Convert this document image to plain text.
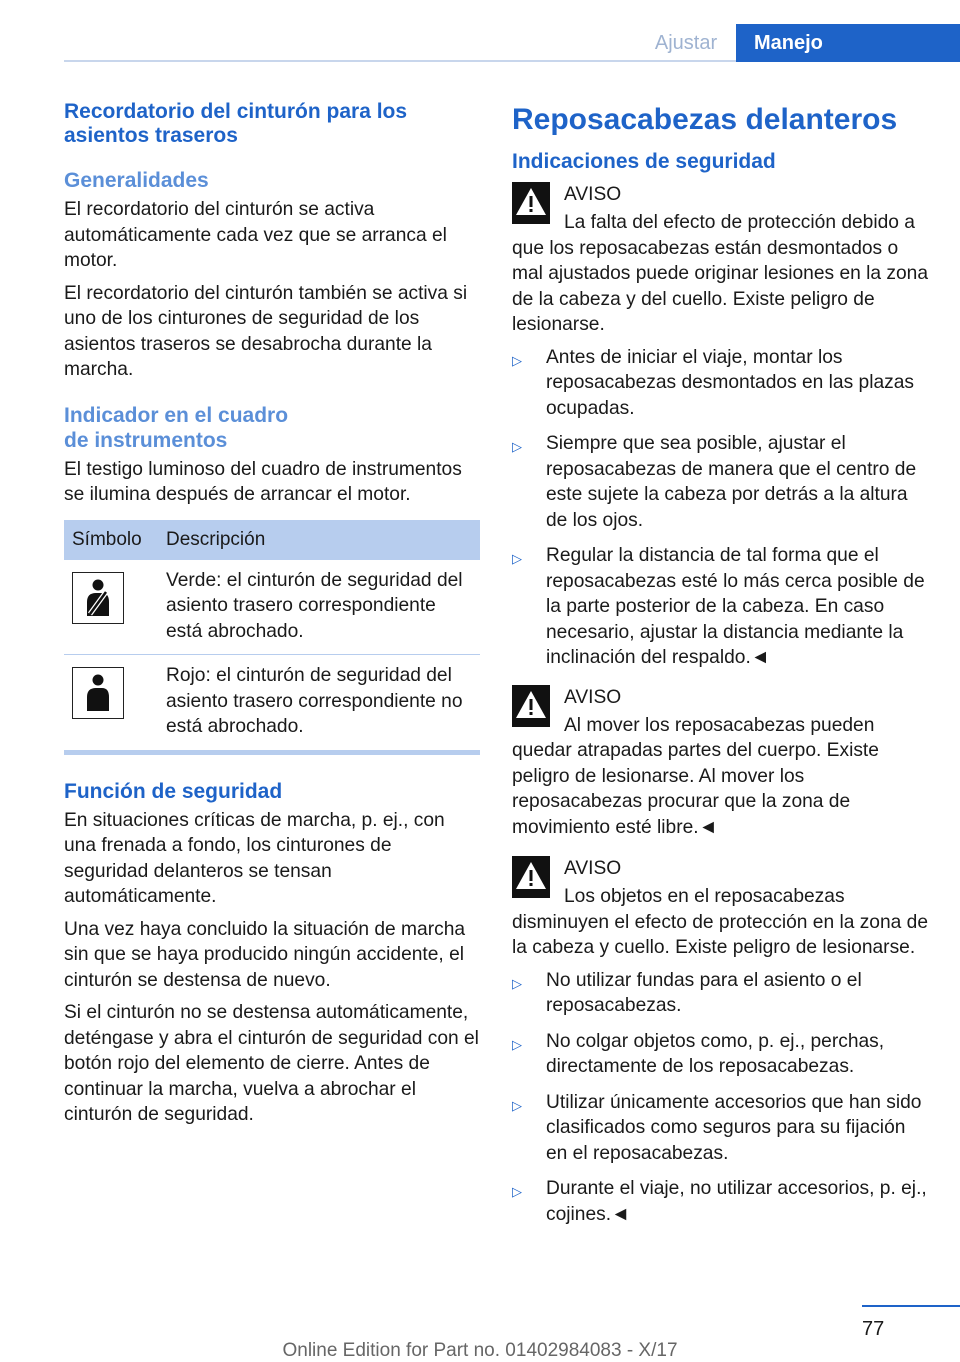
Ajustar	Manejo
Recordatorio del cinturón para los asientos traseros
Generalidades

El recordatorio del cinturón se activa automáticamente cada vez que se arranca el motor.

El recordatorio del cinturón también se activa si uno de los cinturones de seguridad de los asientos traseros se desabrocha durante la marcha.

Indicador en el cuadro de instrumentos

El testigo luminoso del cuadro de instrumentos se ilumina después de arrancar el motor.

Símbolo	Descripción

	Verde: el cinturón de seguridad del asiento trasero correspondiente está abrochado.

	Rojo: el cinturón de seguridad del asiento trasero correspondiente no está abrochado.
Función de seguridad

En situaciones críticas de marcha, p. ej., con una frenada a fondo, los cinturones de seguridad delanteros se tensan automáticamente.

Una vez haya concluido la situación de marcha sin que se haya producido ningún accidente, el cinturón se destensa de nuevo.

Si el cinturón no se destensa automáticamente, deténgase y abra el cinturón de seguridad con el botón rojo del elemento de cierre. Antes de continuar la marcha, vuelva a abrochar el cinturón de seguridad.

Reposacabezas delanteros
Indicaciones de seguridad
AVISO

La falta del efecto de protección debido a que los reposacabezas están desmontados o mal ajustados puede originar lesiones en la zona de la cabeza y del cuello. Existe peligro de lesionarse.

▷	Antes de iniciar el viaje, montar los reposacabezas desmontados en las plazas ocupadas.
▷	Siempre que sea posible, ajustar el reposacabezas de manera que el centro de este sujete la cabeza por detrás a la altura de los ojos.
▷	Regular la distancia de tal forma que el reposacabezas esté lo más cerca posible de la parte posterior de la cabeza. En caso necesario, ajustar la distancia mediante la inclinación del respaldo.◄
AVISO

Al mover los reposacabezas pueden quedar atrapadas partes del cuerpo. Existe peligro de lesionarse. Al mover los reposacabezas procurar que la zona de movimiento esté libre.◄

AVISO

Los objetos en el reposacabezas disminuyen el efecto de protección en la zona de la cabeza y cuello. Existe peligro de lesionarse.

▷	No utilizar fundas para el asiento o el reposacabezas.
▷	No colgar objetos como, p. ej., perchas, directamente de los reposacabezas.
▷	Utilizar únicamente accesorios que han sido clasificados como seguros para su fijación en el reposacabezas.
▷	Durante el viaje, no utilizar accesorios, p. ej., cojines.◄
77
Online Edition for Part no. 01402984083 - X/17
